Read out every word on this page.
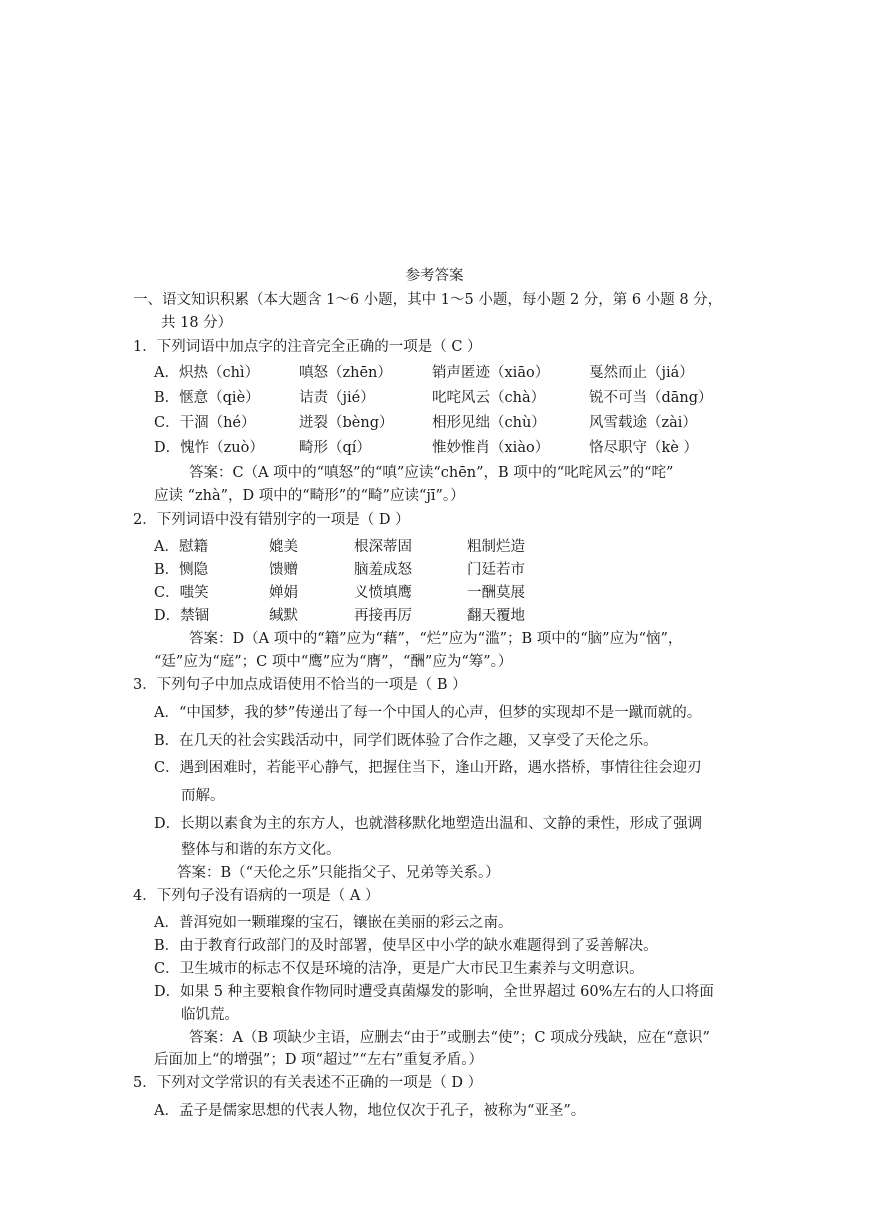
参考答案
一、语文知识积累（本大题含 1～6 小题，其中 1～5 小题，每小题 2 分，第 6 小题 8 分，
共 18 分）
1．下列词语中加点字的注音完全正确的一项是（ C ）
A．炽热（chì）	嗔怒（zhēn）	销声匿迹（xiāo）	戛然而止（jiá）
B．惬意（qiè）	诘责（jié）	叱咤风云（chà）	锐不可当（dāng）
C．干涸（hé）	迸裂（bèng）	相形见绌（chù）	风雪载途（zài）
D．愧怍（zuò） 畸形（qí）	惟妙惟肖（xiào）	恪尽职守（kè ）
答案：C（A 项中的“嗔怒”的“嗔”应读“chēn”，B 项中的“叱咤风云”的“咤”
应读 “zhà”，D 项中的“畸形”的“畸”应读“jī”。）
2．下列词语中没有错别字的一项是（ D ）
A．慰籍	媲美	根深蒂固	粗制烂造
B．恻隐	馈赠	脑羞成怒	门廷若市
C．嗤笑	婵娟	义愤填鹰	一酬莫展
D．禁锢	缄默	再接再厉	翻天覆地
答案：D（A 项中的“籍”应为“藉”，“烂”应为“滥”；B 项中的“脑”应为“恼”，
“廷”应为“庭”；C 项中“鹰”应为“膺”，“酬”应为“筹”。）
3．下列句子中加点成语使用不恰当的一项是（ B ）
A．“中国梦，我的梦”传递出了每一个中国人的心声，但梦的实现却不是一蹴而就的。
B．在几天的社会实践活动中，同学们既体验了合作之趣，又享受了天伦之乐。
C．遇到困难时，若能平心静气，把握住当下，逢山开路，遇水搭桥，事情往往会迎刃
而解。
D．长期以素食为主的东方人，也就潜移默化地塑造出温和、文静的秉性，形成了强调
整体与和谐的东方文化。
答案：B（“天伦之乐”只能指父子、兄弟等关系。）
4．下列句子没有语病的一项是（ A ）
A．普洱宛如一颗璀璨的宝石，镶嵌在美丽的彩云之南。
B．由于教育行政部门的及时部署，使旱区中小学的缺水难题得到了妥善解决。
C．卫生城市的标志不仅是环境的洁净，更是广大市民卫生素养与文明意识。
D．如果 5 种主要粮食作物同时遭受真菌爆发的影响，全世界超过 60%左右的人口将面
临饥荒。
答案：A（B 项缺少主语，应删去“由于”或删去“使”；C 项成分残缺，应在“意识”
后面加上“的增强”；D 项“超过”“左右”重复矛盾。）
5．下列对文学常识的有关表述不正确的一项是（ D ）
A．孟子是儒家思想的代表人物，地位仅次于孔子，被称为“亚圣”。
